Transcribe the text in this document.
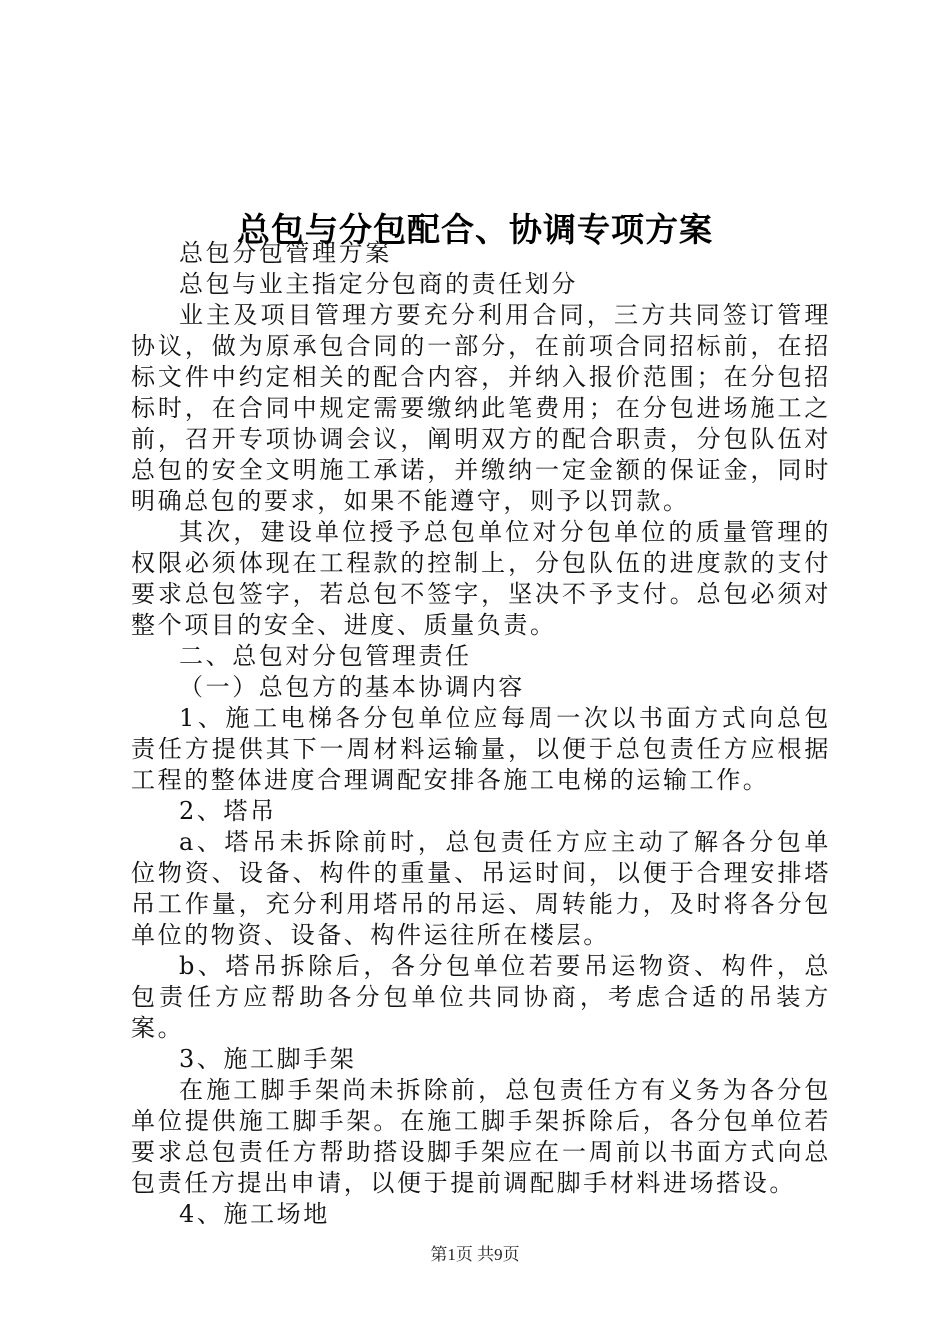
总包与分包配合、协调专项方案

总包分包管理方案

总包与业主指定分包商的责任划分

业主及项目管理方要充分利用合同，三方共同签订管理协议，做为原承包合同的一部分，在前项合同招标前，在招标文件中约定相关的配合内容，并纳入报价范围；在分包招标时，在合同中规定需要缴纳此笔费用；在分包进场施工之前，召开专项协调会议，阐明双方的配合职责，分包队伍对总包的安全文明施工承诺，并缴纳一定金额的保证金，同时明确总包的要求，如果不能遵守，则予以罚款。

其次，建设单位授予总包单位对分包单位的质量管理的权限必须体现在工程款的控制上，分包队伍的进度款的支付要求总包签字，若总包不签字，坚决不予支付。总包必须对整个项目的安全、进度、质量负责。

二、总包对分包管理责任

（一）总包方的基本协调内容

1、施工电梯各分包单位应每周一次以书面方式向总包责任方提供其下一周材料运输量，以便于总包责任方应根据工程的整体进度合理调配安排各施工电梯的运输工作。

2、塔吊

a、塔吊未拆除前时，总包责任方应主动了解各分包单位物资、设备、构件的重量、吊运时间，以便于合理安排塔吊工作量，充分利用塔吊的吊运、周转能力，及时将各分包单位的物资、设备、构件运往所在楼层。

b、塔吊拆除后，各分包单位若要吊运物资、构件，总包责任方应帮助各分包单位共同协商，考虑合适的吊装方案。

3、施工脚手架

在施工脚手架尚未拆除前，总包责任方有义务为各分包单位提供施工脚手架。在施工脚手架拆除后，各分包单位若要求总包责任方帮助搭设脚手架应在一周前以书面方式向总包责任方提出申请，以便于提前调配脚手材料进场搭设。

4、施工场地

第1页 共9页
